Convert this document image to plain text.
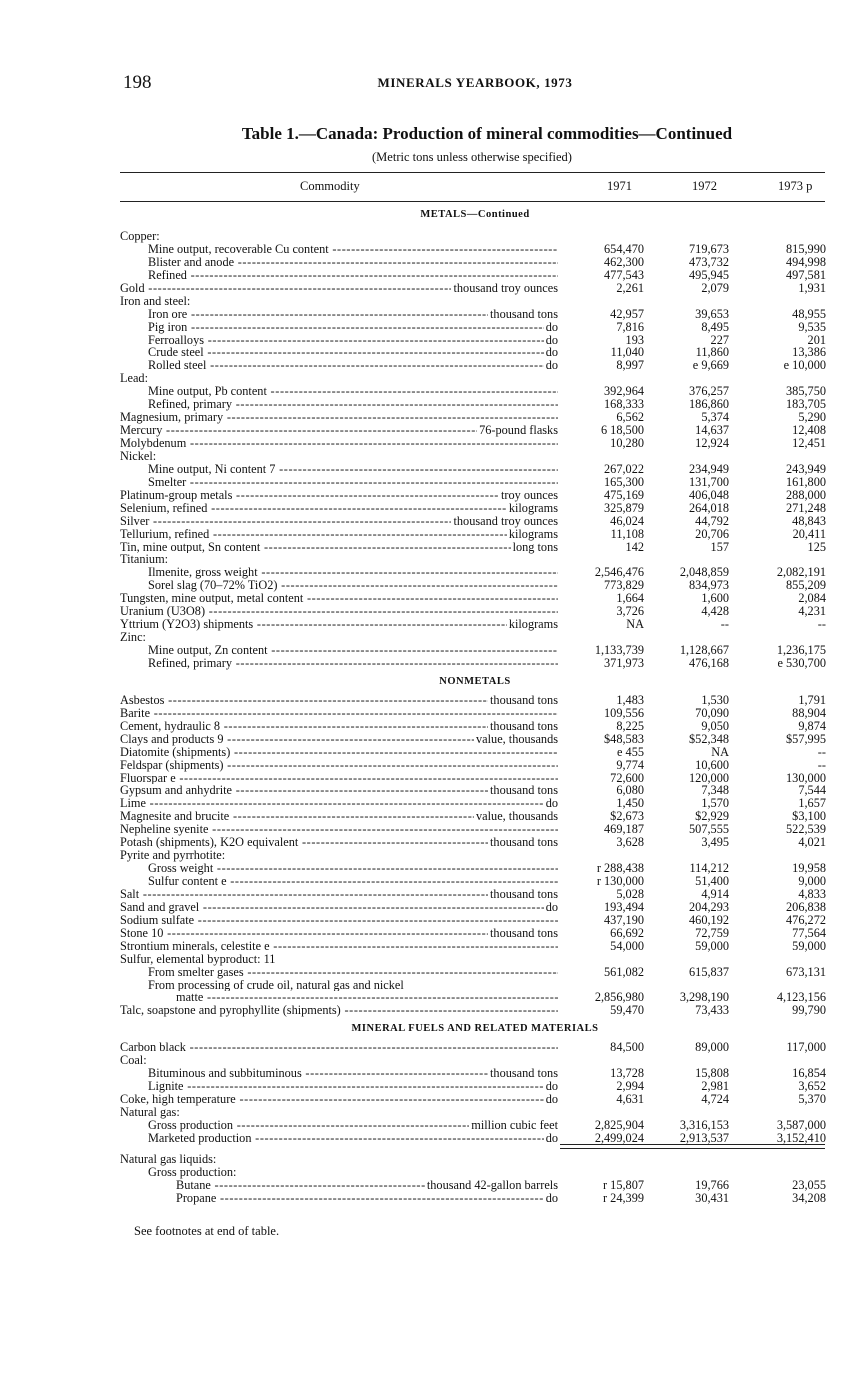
198	MINERALS YEARBOOK, 1973
Table 1.—Canada: Production of mineral commodities—Continued
(Metric tons unless otherwise specified)
Commodity	1971	1972	1973 p
METALS—Continued
Copper:
Mine output, recoverable Cu content -----	654,470	719,673	815,990
Blister and anode -----	462,300	473,732	494,998
Refined -----	477,543	495,945	497,581
Gold -----	thousand troy ounces	2,261	2,079	1,931
Iron and steel:
Iron ore -----	thousand tons	42,957	39,653	48,955
Pig iron -----	do	7,816	8,495	9,535
Ferroalloys -----	do	193	227	201
Crude steel -----	do	11,040	11,860	13,386
Rolled steel -----	do	8,997	e 9,669	e 10,000
Lead:
Mine output, Pb content -----	392,964	376,257	385,750
Refined, primary -----	168,333	186,860	183,705
Magnesium, primary -----	6,562	5,374	5,290
Mercury -----	76-pound flasks	6 18,500	14,637	12,408
Molybdenum -----	10,280	12,924	12,451
Nickel:
Mine output, Ni content 7 -----	267,022	234,949	243,949
Smelter -----	165,300	131,700	161,800
Platinum-group metals -----	troy ounces	475,169	406,048	288,000
Selenium, refined -----	kilograms	325,879	264,018	271,248
Silver -----	thousand troy ounces	46,024	44,792	48,843
Tellurium, refined -----	kilograms	11,108	20,706	20,411
Tin, mine output, Sn content -----	long tons	142	157	125
Titanium:
Ilmenite, gross weight -----	2,546,476	2,048,859	2,082,191
Sorel slag (70–72% TiO2) -----	773,829	834,973	855,209
Tungsten, mine output, metal content -----	1,664	1,600	2,084
Uranium (U3O8) -----	3,726	4,428	4,231
Yttrium (Y2O3) shipments -----	kilograms	NA	--	--
Zinc:
Mine output, Zn content -----	1,133,739	1,128,667	1,236,175
Refined, primary -----	371,973	476,168	e 530,700
NONMETALS
Asbestos -----	thousand tons	1,483	1,530	1,791
Barite -----	109,556	70,090	88,904
Cement, hydraulic 8 -----	thousand tons	8,225	9,050	9,874
Clays and products 9 -----	value, thousands	$48,583	$52,348	$57,995
Diatomite (shipments) -----	e 455	NA	--
Feldspar (shipments) -----	9,774	10,600	--
Fluorspar e -----	72,600	120,000	130,000
Gypsum and anhydrite -----	thousand tons	6,080	7,348	7,544
Lime -----	do	1,450	1,570	1,657
Magnesite and brucite -----	value, thousands	$2,673	$2,929	$3,100
Nepheline syenite -----	469,187	507,555	522,539
Potash (shipments), K2O equivalent -----	thousand tons	3,628	3,495	4,021
Pyrite and pyrrhotite:
Gross weight -----	r 288,438	114,212	19,958
Sulfur content e -----	r 130,000	51,400	9,000
Salt -----	thousand tons	5,028	4,914	4,833
Sand and gravel -----	do	193,494	204,293	206,838
Sodium sulfate -----	437,190	460,192	476,272
Stone 10 -----	thousand tons	66,692	72,759	77,564
Strontium minerals, celestite e -----	54,000	59,000	59,000
Sulfur, elemental byproduct: 11
From smelter gases -----	561,082	615,837	673,131
From processing of crude oil, natural gas and nickel
matte -----	2,856,980	3,298,190	4,123,156
Talc, soapstone and pyrophyllite (shipments) -----	59,470	73,433	99,790
MINERAL FUELS AND RELATED MATERIALS
Carbon black -----	84,500	89,000	117,000
Coal:
Bituminous and subbituminous -----	thousand tons	13,728	15,808	16,854
Lignite -----	do	2,994	2,981	3,652
Coke, high temperature -----	do	4,631	4,724	5,370
Natural gas:
Gross production -----	million cubic feet	2,825,904	3,316,153	3,587,000
Marketed production -----	do	2,499,024	2,913,537	3,152,410
Natural gas liquids:
Gross production:
Butane -----	thousand 42-gallon barrels	r 15,807	19,766	23,055
Propane -----	do	r 24,399	30,431	34,208
See footnotes at end of table.
